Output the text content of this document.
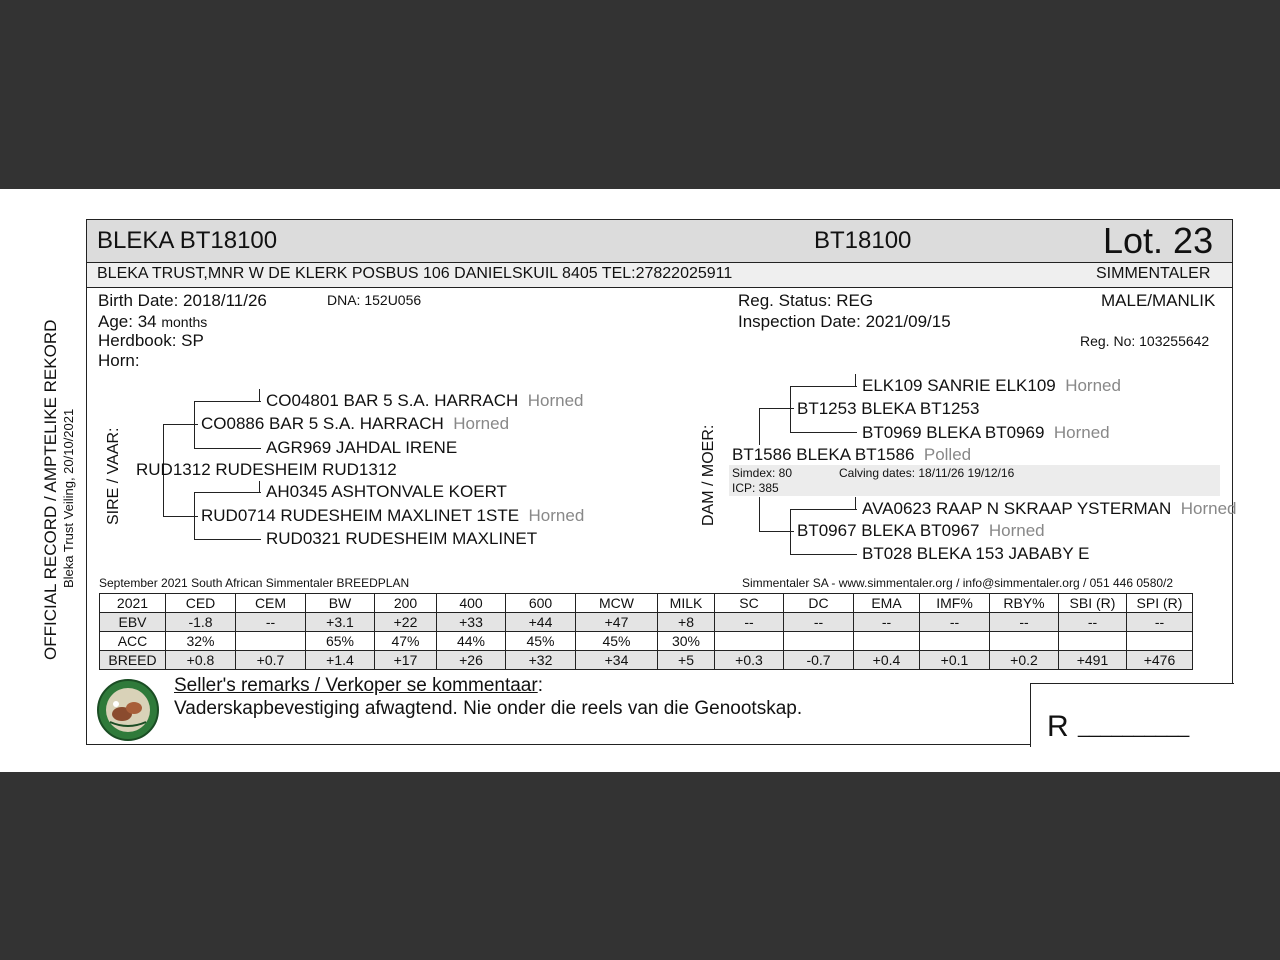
OFFICIAL RECORD / AMPTELIKE REKORD Bleka Trust Veiling, 20/10/2021
BLEKA BT18100	BT18100	Lot. 23
BLEKA TRUST,MNR W DE KLERK POSBUS 106 DANIELSKUIL 8405 TEL:27822025911	SIMMENTALER
Birth Date: 2018/11/26	DNA: 152U056
Age: 34 months
Herdbook: SP
Horn:
Reg. Status: REG
Inspection Date: 2021/09/15
MALE/MANLIK
Reg. No: 103255642
SIRE / VAAR:
CO04801 BAR 5 S.A. HARRACH Horned
CO0886 BAR 5 S.A. HARRACH Horned
AGR969 JAHDAL IRENE
RUD1312 RUDESHEIM RUD1312
AH0345 ASHTONVALE KOERT
RUD0714 RUDESHEIM MAXLINET 1STE Horned
RUD0321 RUDESHEIM MAXLINET
DAM / MOER:
ELK109 SANRIE ELK109 Horned
BT1253 BLEKA BT1253
BT0969 BLEKA BT0969 Horned
BT1586 BLEKA BT1586 Polled
Simdex: 80	Calving dates: 18/11/26 19/12/16
ICP: 385
AVA0623 RAAP N SKRAAP YSTERMAN Horned
BT0967 BLEKA BT0967 Horned
BT028 BLEKA 153 JABABY E
September 2021 South African Simmentaler BREEDPLAN	Simmentaler SA - www.simmentaler.org / info@simmentaler.org / 051 446 0580/2
2021	CED	CEM	BW	200	400	600	MCW	MILK	SC	DC	EMA	IMF%	RBY%	SBI (R)	SPI (R)
EBV	-1.8	--	+3.1	+22	+33	+44	+47	+8	--	--	--	--	--	--	--
ACC	32%		65%	47%	44%	45%	45%	30%							
BREED	+0.8	+0.7	+1.4	+17	+26	+32	+34	+5	+0.3	-0.7	+0.4	+0.1	+0.2	+491	+476
Seller's remarks / Verkoper se kommentaar:
Vaderskapbevestiging afwagtend. Nie onder die reels van die Genootskap.
R __________
